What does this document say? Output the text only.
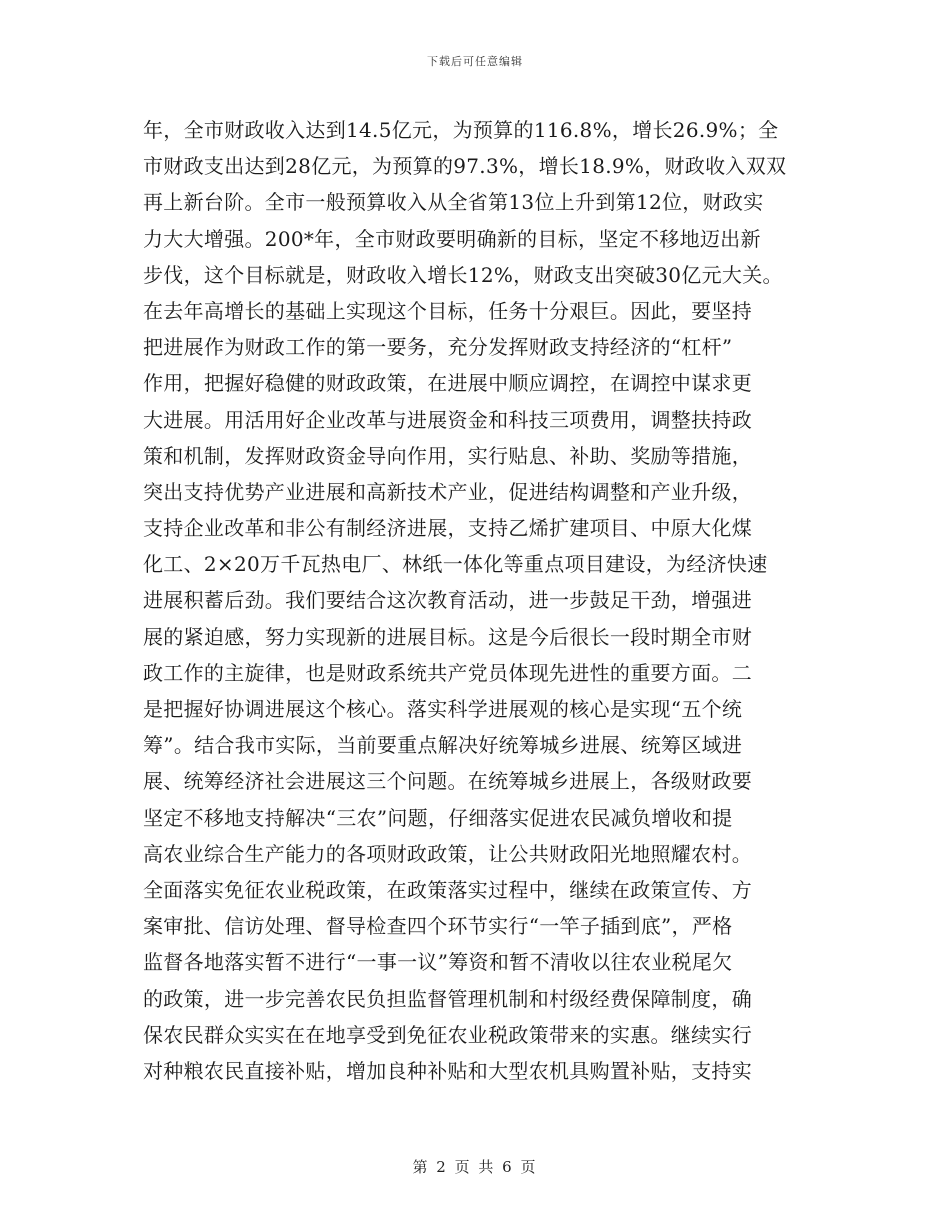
下载后可任意编辑
年，全市财政收入达到14.5亿元，为预算的116.8%，增长26.9%；全
市财政支出达到28亿元，为预算的97.3%，增长18.9%，财政收入双双
再上新台阶。全市一般预算收入从全省第13位上升到第12位，财政实
力大大增强。200*年，全市财政要明确新的目标，坚定不移地迈出新
步伐，这个目标就是，财政收入增长12%，财政支出突破30亿元大关。
在去年高增长的基础上实现这个目标，任务十分艰巨。因此，要坚持
把进展作为财政工作的第一要务，充分发挥财政支持经济的“杠杆”
作用，把握好稳健的财政政策，在进展中顺应调控，在调控中谋求更
大进展。用活用好企业改革与进展资金和科技三项费用，调整扶持政
策和机制，发挥财政资金导向作用，实行贴息、补助、奖励等措施，
突出支持优势产业进展和高新技术产业，促进结构调整和产业升级，
支持企业改革和非公有制经济进展，支持乙烯扩建项目、中原大化煤
化工、2×20万千瓦热电厂、林纸一体化等重点项目建设，为经济快速
进展积蓄后劲。我们要结合这次教育活动，进一步鼓足干劲，增强进
展的紧迫感，努力实现新的进展目标。这是今后很长一段时期全市财
政工作的主旋律，也是财政系统共产党员体现先进性的重要方面。二
是把握好协调进展这个核心。落实科学进展观的核心是实现“五个统
筹”。结合我市实际，当前要重点解决好统筹城乡进展、统筹区域进
展、统筹经济社会进展这三个问题。在统筹城乡进展上，各级财政要
坚定不移地支持解决“三农”问题，仔细落实促进农民减负增收和提
高农业综合生产能力的各项财政政策，让公共财政阳光地照耀农村。
全面落实免征农业税政策，在政策落实过程中，继续在政策宣传、方
案审批、信访处理、督导检查四个环节实行“一竿子插到底”，严格
监督各地落实暂不进行“一事一议”筹资和暂不清收以往农业税尾欠
的政策，进一步完善农民负担监督管理机制和村级经费保障制度，确
保农民群众实实在在地享受到免征农业税政策带来的实惠。继续实行
对种粮农民直接补贴，增加良种补贴和大型农机具购置补贴，支持实
第 2 页 共 6 页
